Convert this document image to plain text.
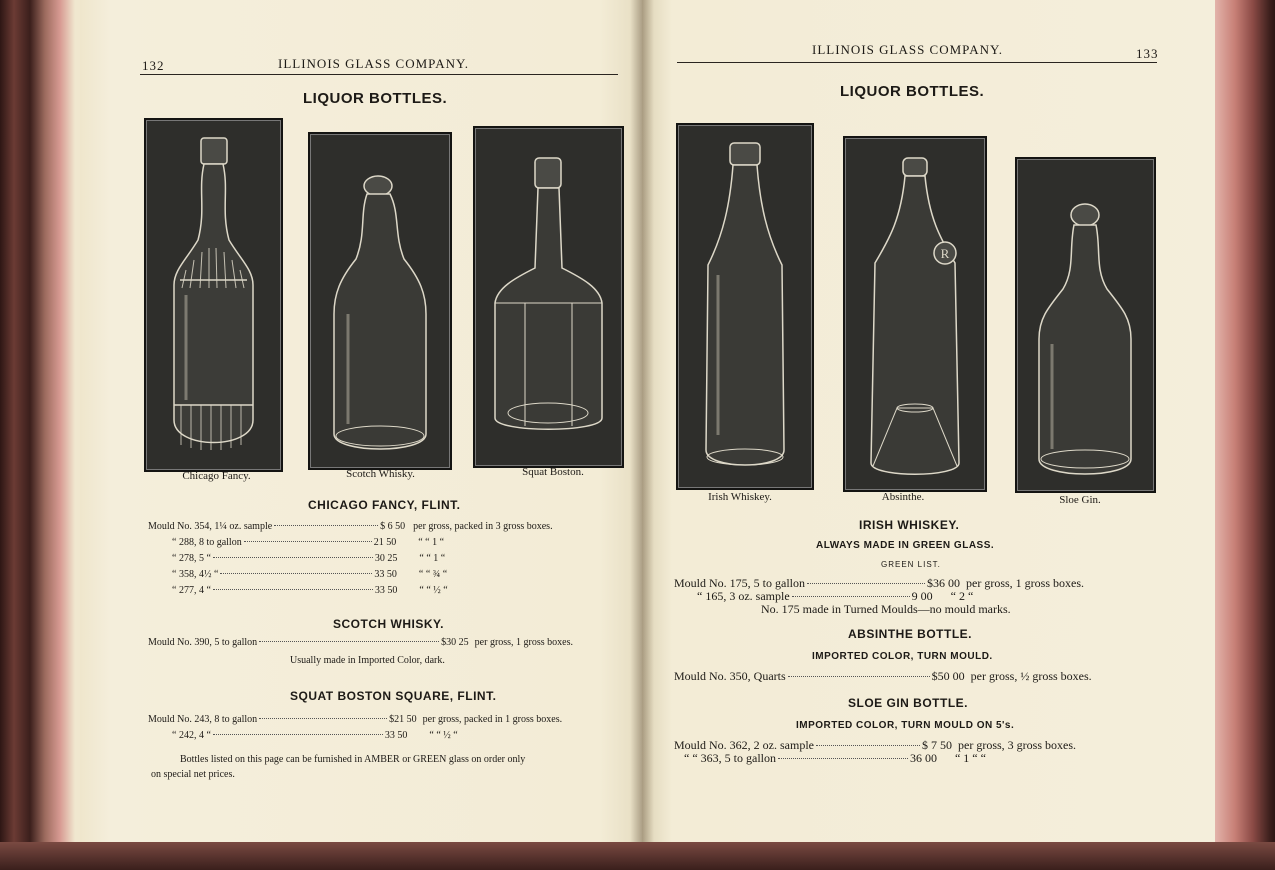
132	ILLINOIS GLASS COMPANY.
LIQUOR BOTTLES.
Chicago Fancy.	Scotch Whisky.	Squat Boston.
CHICAGO FANCY, FLINT.
Mould No. 354, 1¼ oz. sample	$ 6 50 per gross, packed in 3 gross boxes.
“ 288, 8 to gallon	21 50 “ “ 1 “
“ 278, 5 “	30 25 “ “ 1 “
“ 358, 4½ “	33 50 “ “ ¾ “
“ 277, 4 “	33 50 “ “ ½ “
SCOTCH WHISKY.
Mould No. 390, 5 to gallon	$30 25 per gross, 1 gross boxes.
Usually made in Imported Color, dark.
SQUAT BOSTON SQUARE, FLINT.
Mould No. 243, 8 to gallon	$21 50 per gross, packed in 1 gross boxes.
“ 242, 4 “	33 50 “ “ ½ “
Bottles listed on this page can be furnished in AMBER or GREEN glass on order only
on special net prices.
ILLINOIS GLASS COMPANY.	133
LIQUOR BOTTLES.
Irish Whiskey.
R
Absinthe.	Sloe Gin.
IRISH WHISKEY.
ALWAYS MADE IN GREEN GLASS.
GREEN LIST.
Mould No. 175, 5 to gallon	$36 00 per gross, 1 gross boxes.
“ 165, 3 oz. sample	9 00 “ 2 “
No. 175 made in Turned Moulds—no mould marks.
ABSINTHE BOTTLE.
IMPORTED COLOR, TURN MOULD.
Mould No. 350, Quarts	$50 00 per gross, ½ gross boxes.
SLOE GIN BOTTLE.
IMPORTED COLOR, TURN MOULD ON 5's.
Mould No. 362, 2 oz. sample	$ 7 50 per gross, 3 gross boxes.
“ “ 363, 5 to gallon	36 00 “ 1 “ “
